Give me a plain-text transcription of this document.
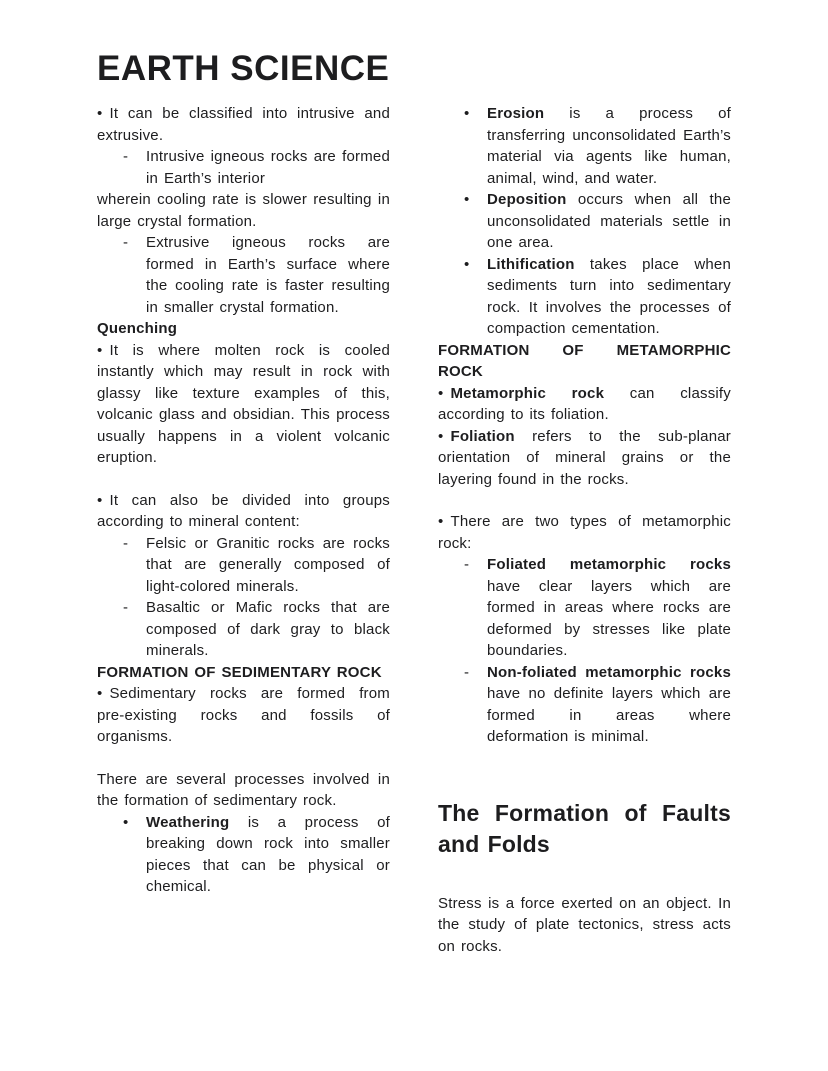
EARTH SCIENCE

• It can be classified into intrusive and extrusive.

- Intrusive igneous rocks are formed in Earth’s interior

wherein cooling rate is slower resulting in large crystal formation.

- Extrusive igneous rocks are formed in Earth’s surface where the cooling rate is faster resulting in smaller crystal formation.
Quenching

• It is where molten rock is cooled instantly which may result in rock with glassy like texture examples of this, volcanic glass and obsidian. This process usually happens in a violent volcanic eruption.

• It can also be divided into groups according to mineral content:

- Felsic or Granitic rocks are rocks that are generally composed of light-colored minerals.
- Basaltic or Mafic rocks that are composed of dark gray to black minerals.
FORMATION OF SEDIMENTARY ROCK

• Sedimentary rocks are formed from pre-existing rocks and fossils of organisms.

There are several processes involved in the formation of sedimentary rock.

• Weathering is a process of breaking down rock into smaller pieces that can be physical or chemical.
• Erosion is a process of transferring unconsolidated Earth’s material via agents like human, animal, wind, and water.
• Deposition occurs when all the unconsolidated materials settle in one area.
• Lithification takes place when sediments turn into sedimentary rock. It involves the processes of compaction cementation.
FORMATION OF METAMORPHIC
ROCK

• Metamorphic rock can classify according to its foliation.

• Foliation refers to the sub-planar orientation of mineral grains or the layering found in the rocks.

• There are two types of metamorphic rock:

- Foliated metamorphic rocks have clear layers which are formed in areas where rocks are deformed by stresses like plate boundaries.
- Non-foliated metamorphic rocks have no definite layers which are formed in areas where deformation is minimal.
The Formation of Faults
and Folds

Stress is a force exerted on an object. In the study of plate tectonics, stress acts on rocks.
